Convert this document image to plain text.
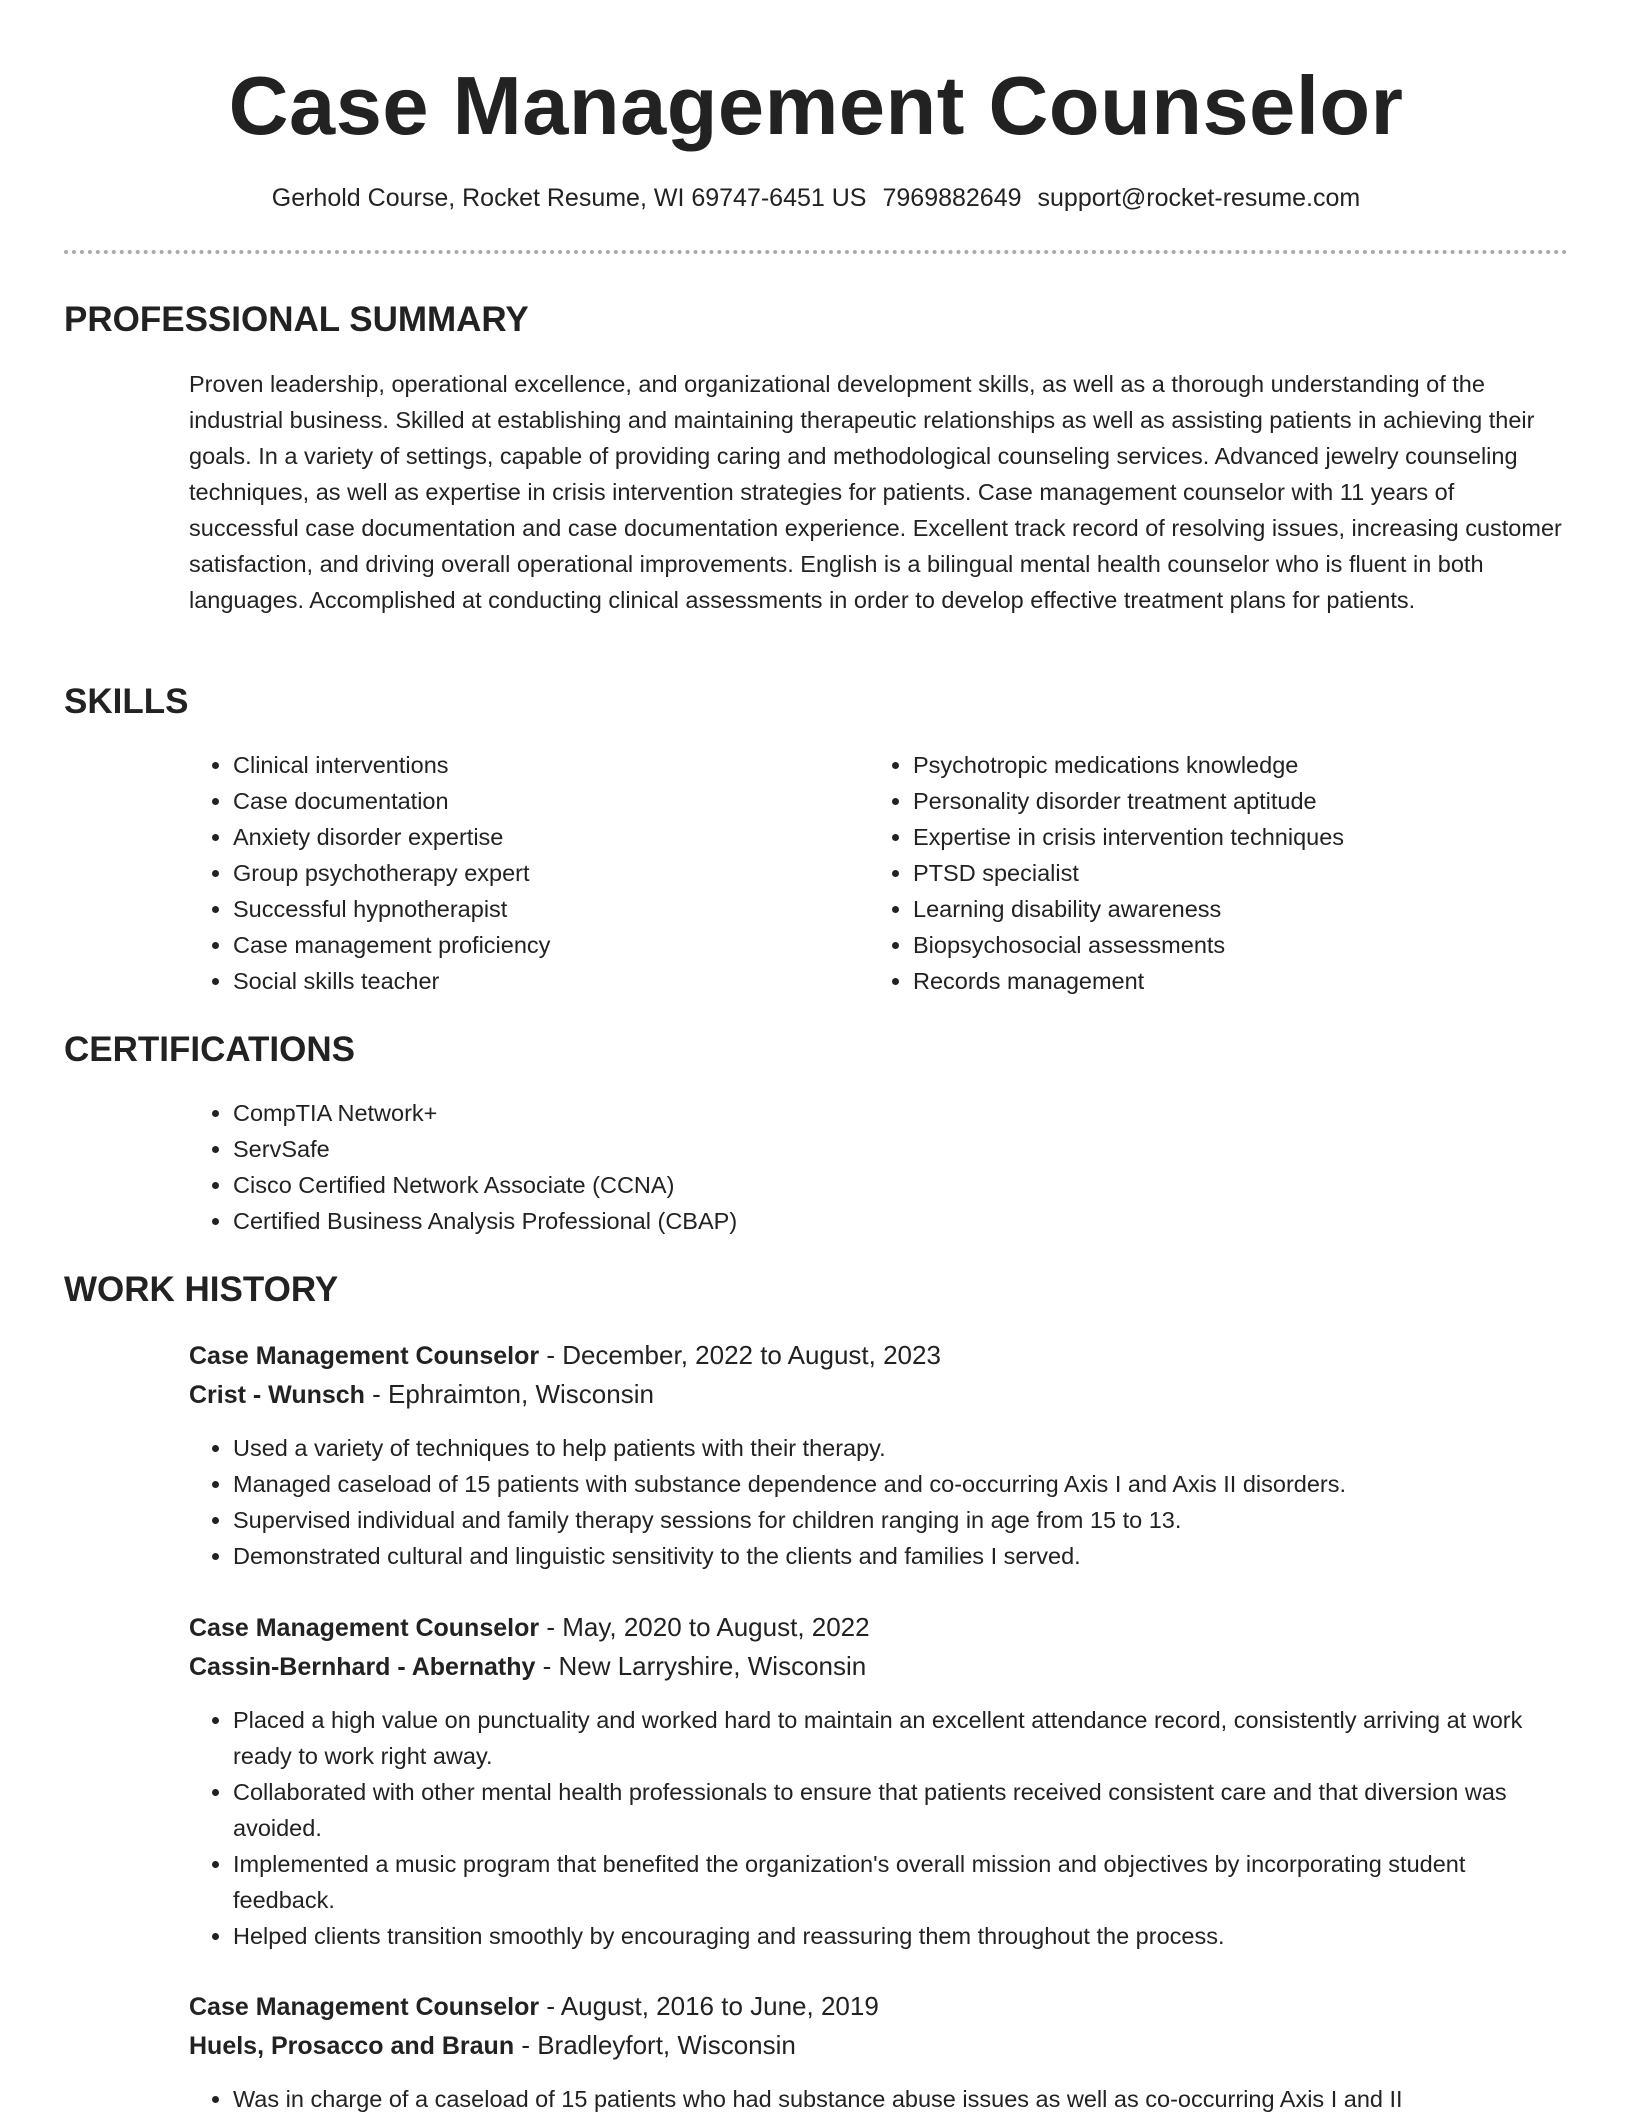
Case Management Counselor
Gerhold Course, Rocket Resume, WI 69747-6451 US 7969882649 support@rocket-resume.com
PROFESSIONAL SUMMARY

Proven leadership, operational excellence, and organizational development skills, as well as a thorough understanding of the industrial business. Skilled at establishing and maintaining therapeutic relationships as well as assisting patients in achieving their goals. In a variety of settings, capable of providing caring and methodological counseling services. Advanced jewelry counseling techniques, as well as expertise in crisis intervention strategies for patients. Case management counselor with 11 years of successful case documentation and case documentation experience. Excellent track record of resolving issues, increasing customer satisfaction, and driving overall operational improvements. English is a bilingual mental health counselor who is fluent in both languages. Accomplished at conducting clinical assessments in order to develop effective treatment plans for patients.

SKILLS
• Clinical interventions
• Case documentation
• Anxiety disorder expertise
• Group psychotherapy expert
• Successful hypnotherapist
• Case management proficiency
• Social skills teacher
• Psychotropic medications knowledge
• Personality disorder treatment aptitude
• Expertise in crisis intervention techniques
• PTSD specialist
• Learning disability awareness
• Biopsychosocial assessments
• Records management
CERTIFICATIONS
• CompTIA Network+
• ServSafe
• Cisco Certified Network Associate (CCNA)
• Certified Business Analysis Professional (CBAP)
WORK HISTORY
Case Management Counselor - December, 2022 to August, 2023
Crist - Wunsch - Ephraimton, Wisconsin
• Used a variety of techniques to help patients with their therapy.
• Managed caseload of 15 patients with substance dependence and co-occurring Axis I and Axis II disorders.
• Supervised individual and family therapy sessions for children ranging in age from 15 to 13.
• Demonstrated cultural and linguistic sensitivity to the clients and families I served.
Case Management Counselor - May, 2020 to August, 2022
Cassin-Bernhard - Abernathy - New Larryshire, Wisconsin
• Placed a high value on punctuality and worked hard to maintain an excellent attendance record, consistently arriving at work ready to work right away.
• Collaborated with other mental health professionals to ensure that patients received consistent care and that diversion was avoided.
• Implemented a music program that benefited the organization's overall mission and objectives by incorporating student feedback.
• Helped clients transition smoothly by encouraging and reassuring them throughout the process.
Case Management Counselor - August, 2016 to June, 2019
Huels, Prosacco and Braun - Bradleyfort, Wisconsin
• Was in charge of a caseload of 15 patients who had substance abuse issues as well as co-occurring Axis I and II
